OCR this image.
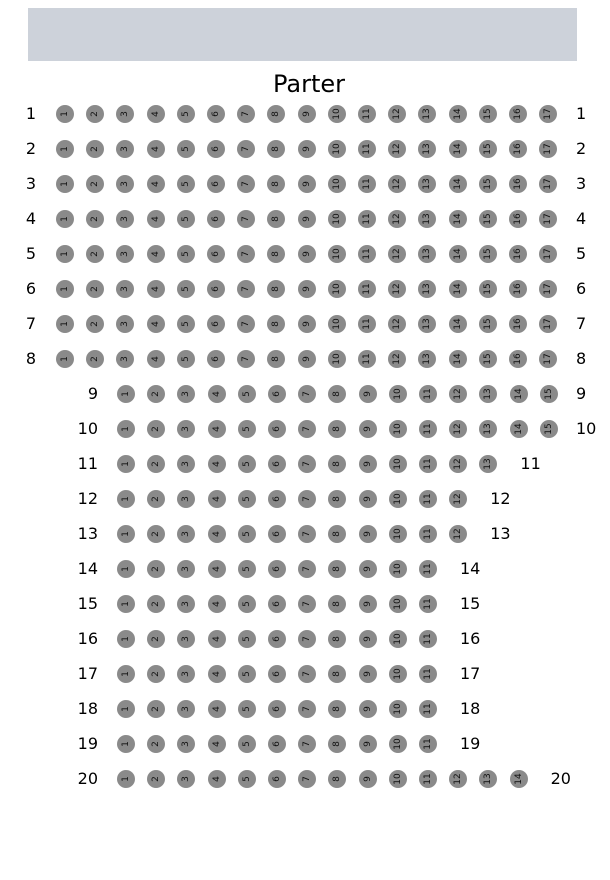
Parter
1	1	2	3	4	5	6	7	8	9	10	11	12	13	14	15	16	17 1
2	1	2	3	4	5	6	7	8	9	10	11	12	13	14	15	16	17 2
3	1	2	3	4	5	6	7	8	9	10	11	12	13	14	15	16	17 3
4	1	2	3	4	5	6	7	8	9	10	11	12	13	14	15	16	17 4
5	1	2	3	4	5	6	7	8	9	10	11	12	13	14	15	16	17 5
6	1	2	3	4	5	6	7	8	9	10	11	12	13	14	15	16	17 6
7	1	2	3	4	5	6	7	8	9	10	11	12	13	14	15	16	17 7
8	1	2	3	4	5	6	7	8	9	10	11	12	13	14	15	16	17 8
9	1	2	3	4	5	6	7	8	9	10	11	12	13	14	15 9
10	1	2	3	4	5	6	7	8	9	10	11	12	13	14	15 10
11	1	2	3	4	5	6	7	8	9	10	11	12	13 11
12	1	2	3	4	5	6	7	8	9	10	11	12 12
13	1	2	3	4	5	6	7	8	9	10	11	12 13
14	1	2	3	4	5	6	7	8	9	10	11 14
15	1	2	3	4	5	6	7	8	9	10	11 15
16	1	2	3	4	5	6	7	8	9	10	11 16
17	1	2	3	4	5	6	7	8	9	10	11 17
18	1	2	3	4	5	6	7	8	9	10	11 18
19	1	2	3	4	5	6	7	8	9	10	11 19
20	1	2	3	4	5	6	7	8	9	10	11	12	13	14 20
